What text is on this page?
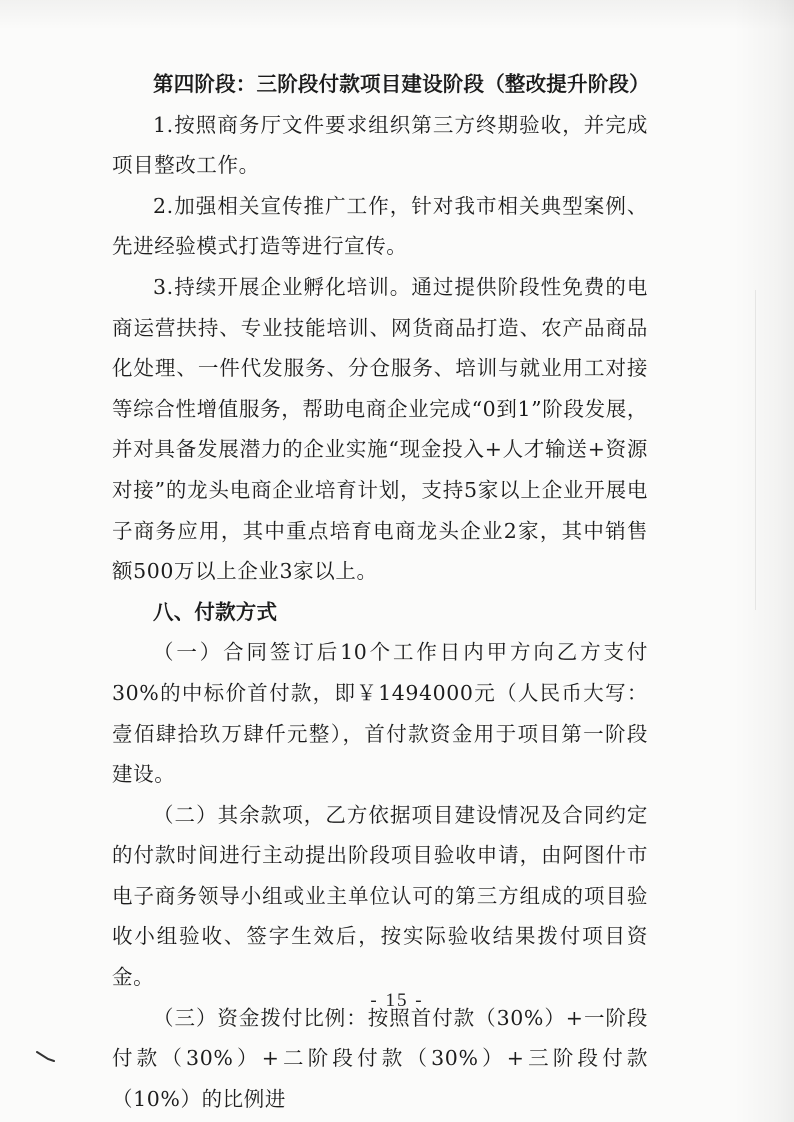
第四阶段：三阶段付款项目建设阶段（整改提升阶段）

1.按照商务厅文件要求组织第三方终期验收，并完成项目整改工作。

2.加强相关宣传推广工作，针对我市相关典型案例、先进经验模式打造等进行宣传。

3.持续开展企业孵化培训。通过提供阶段性免费的电商运营扶持、专业技能培训、网货商品打造、农产品商品化处理、一件代发服务、分仓服务、培训与就业用工对接等综合性增值服务，帮助电商企业完成“0到1”阶段发展，并对具备发展潜力的企业实施“现金投入+人才输送+资源对接”的龙头电商企业培育计划，支持5家以上企业开展电子商务应用，其中重点培育电商龙头企业2家，其中销售额500万以上企业3家以上。

八、付款方式

（一）合同签订后10个工作日内甲方向乙方支付30%的中标价首付款，即￥1494000元（人民币大写：壹佰肆拾玖万肆仟元整），首付款资金用于项目第一阶段建设。

（二）其余款项，乙方依据项目建设情况及合同约定的付款时间进行主动提出阶段项目验收申请，由阿图什市电子商务领导小组或业主单位认可的第三方组成的项目验收小组验收、签字生效后，按实际验收结果拨付项目资金。

（三）资金拨付比例：按照首付款（30%）+一阶段付款（30%）+二阶段付款（30%）+三阶段付款（10%）的比例进

- 15 -
